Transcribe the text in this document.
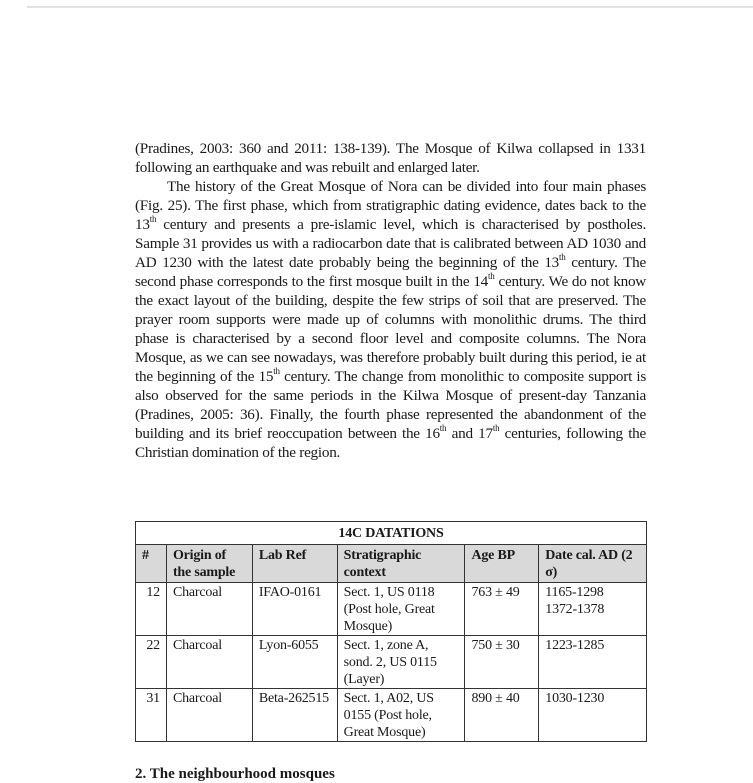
(Pradines, 2003: 360 and 2011: 138-139). The Mosque of Kilwa collapsed in 1331 following an earthquake and was rebuilt and enlarged later.

The history of the Great Mosque of Nora can be divided into four main phases (Fig. 25). The first phase, which from stratigraphic dating evidence, dates back to the 13th century and presents a pre-islamic level, which is characterised by postholes. Sample 31 provides us with a radiocarbon date that is calibrated between AD 1030 and AD 1230 with the latest date probably being the beginning of the 13th century. The second phase corresponds to the first mosque built in the 14th century. We do not know the exact layout of the building, despite the few strips of soil that are preserved. The prayer room supports were made up of columns with monolithic drums. The third phase is characterised by a second floor level and composite columns. The Nora Mosque, as we can see nowadays, was therefore probably built during this period, ie at the beginning of the 15th century. The change from monolithic to composite support is also observed for the same periods in the Kilwa Mosque of present-day Tanzania (Pradines, 2005: 36). Finally, the fourth phase represented the abandonment of the building and its brief reoccupation between the 16th and 17th centuries, following the Christian domination of the region.

14C DATATIONS					
#	Origin of the sample	Lab Ref	Stratigraphic context	Age BP	Date cal. AD (2 σ)
12	Charcoal	IFAO-0161	Sect. 1, US 0118 (Post hole, Great Mosque)	763 ± 49	1165-1298
1372-1378

22	Charcoal	Lyon-6055	Sect. 1, zone A, sond. 2, US 0115 (Layer)	750 ± 30	1223-1285

31	Charcoal	Beta-262515	Sect. 1, A02, US 0155 (Post hole, Great Mosque)	890 ± 40	1030-1230
2. The neighbourhood mosques
